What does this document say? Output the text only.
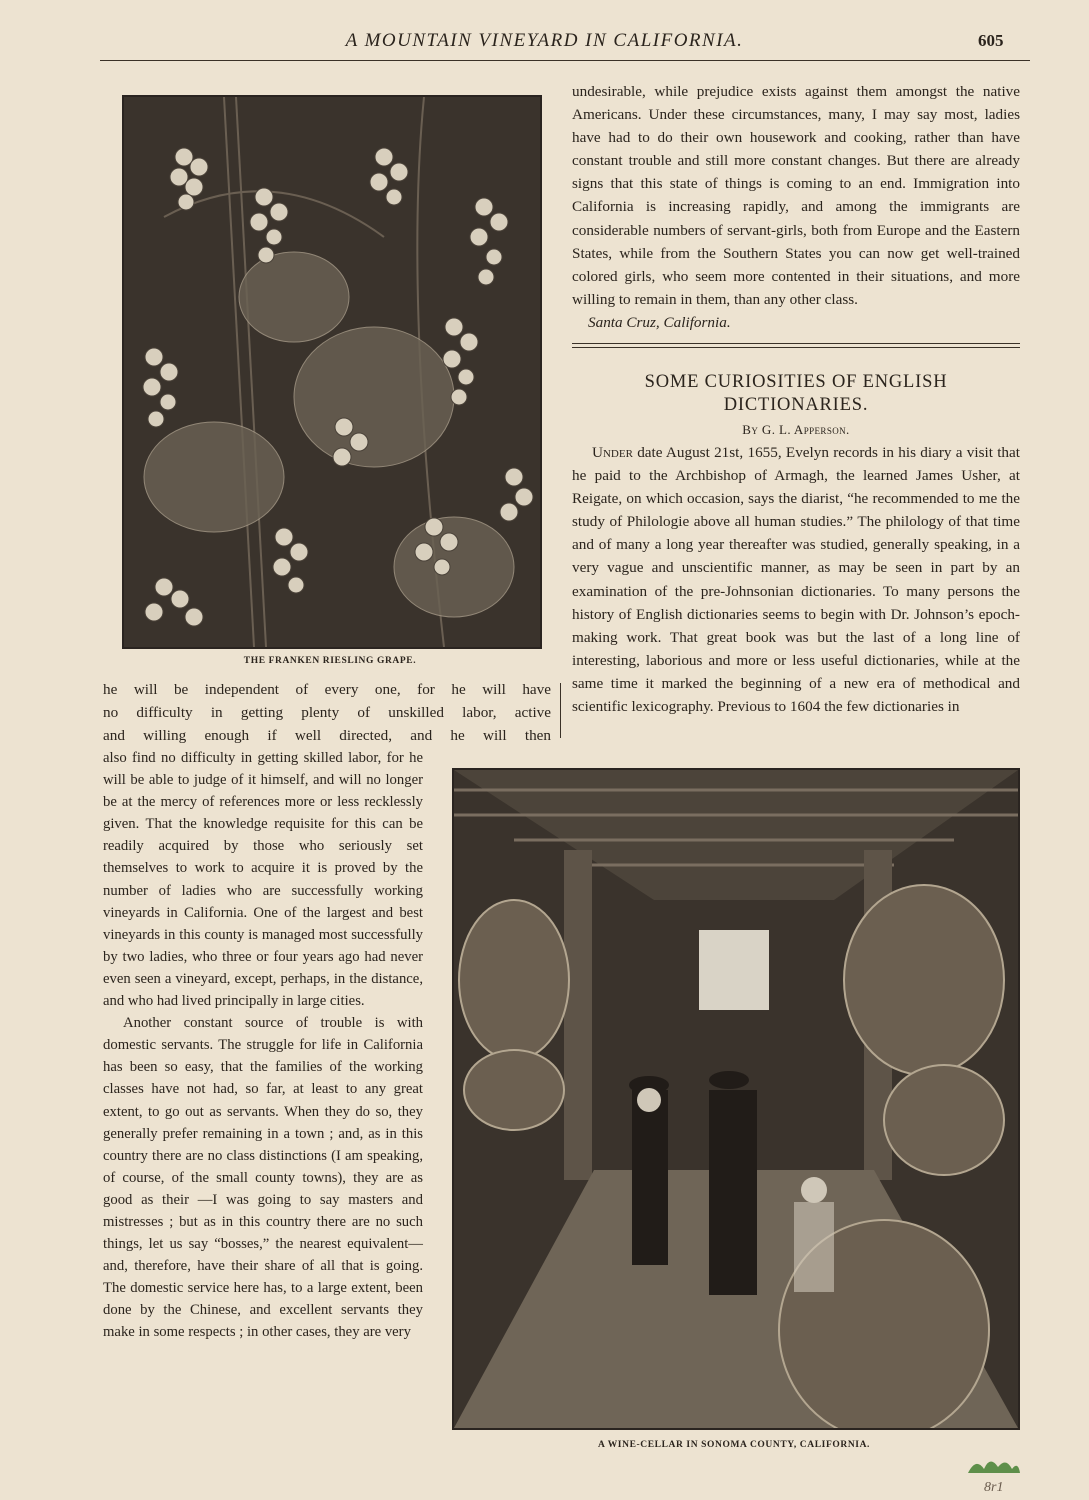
A MOUNTAIN VINEYARD IN CALIFORNIA.	605
THE FRANKEN RIESLING GRAPE.

he will be independent of every one, for he will have

no difficulty in getting plenty of unskilled labor, active

and willing enough if well directed, and he will then

also find no difficulty in getting skilled labor, for he will be able to judge of it himself, and will no longer be at the mercy of references more or less recklessly given. That the knowledge requisite for this can be readily acquired by those who seriously set themselves to work to acquire it is proved by the number of ladies who are successfully working vineyards in California. One of the largest and best vineyards in this county is managed most successfully by two ladies, who three or four years ago had never even seen a vineyard, except, perhaps, in the distance, and who had lived principally in large cities.

Another constant source of trouble is with domestic servants. The struggle for life in California has been so easy, that the families of the working classes have not had, so far, at least to any great extent, to go out as servants. When they do so, they generally prefer remaining in a town ; and, as in this country there are no class distinctions (I am speaking, of course, of the small county towns), they are as good as their —I was going to say masters and mistresses ; but as in this country there are no such things, let us say “bosses,” the nearest equivalent—and, therefore, have their share of all that is going. The domestic service here has, to a large extent, been done by the Chinese, and excellent servants they make in some respects ; in other cases, they are very

undesirable, while prejudice exists against them amongst the native Americans. Under these circumstances, many, I may say most, ladies have had to do their own housework and cooking, rather than have constant trouble and still more constant changes. But there are already signs that this state of things is coming to an end. Immigration into California is increasing rapidly, and among the immigrants are considerable numbers of servant-girls, both from Europe and the Eastern States, while from the Southern States you can now get well-trained colored girls, who seem more contented in their situations, and more willing to remain in them, than any other class.

Santa Cruz, California.

SOME CURIOSITIES OF ENGLISH
DICTIONARIES.
By G. L. Apperson.

Under date August 21st, 1655, Evelyn records in his diary a visit that he paid to the Archbishop of Armagh, the learned James Usher, at Reigate, on which occasion, says the diarist, “he recommended to me the study of Philologie above all human studies.” The philology of that time and of many a long year thereafter was studied, generally speaking, in a very vague and unscientific manner, as may be seen in part by an examination of the pre-Johnsonian dictionaries. To many persons the history of English dictionaries seems to begin with Dr. Johnson’s epoch-making work. That great book was but the last of a long line of interesting, laborious and more or less useful dictionaries, while at the same time it marked the beginning of a new era of methodical and scientific lexicography. Previous to 1604 the few dictionaries in

A WINE-CELLAR IN SONOMA COUNTY, CALIFORNIA.
8r1
